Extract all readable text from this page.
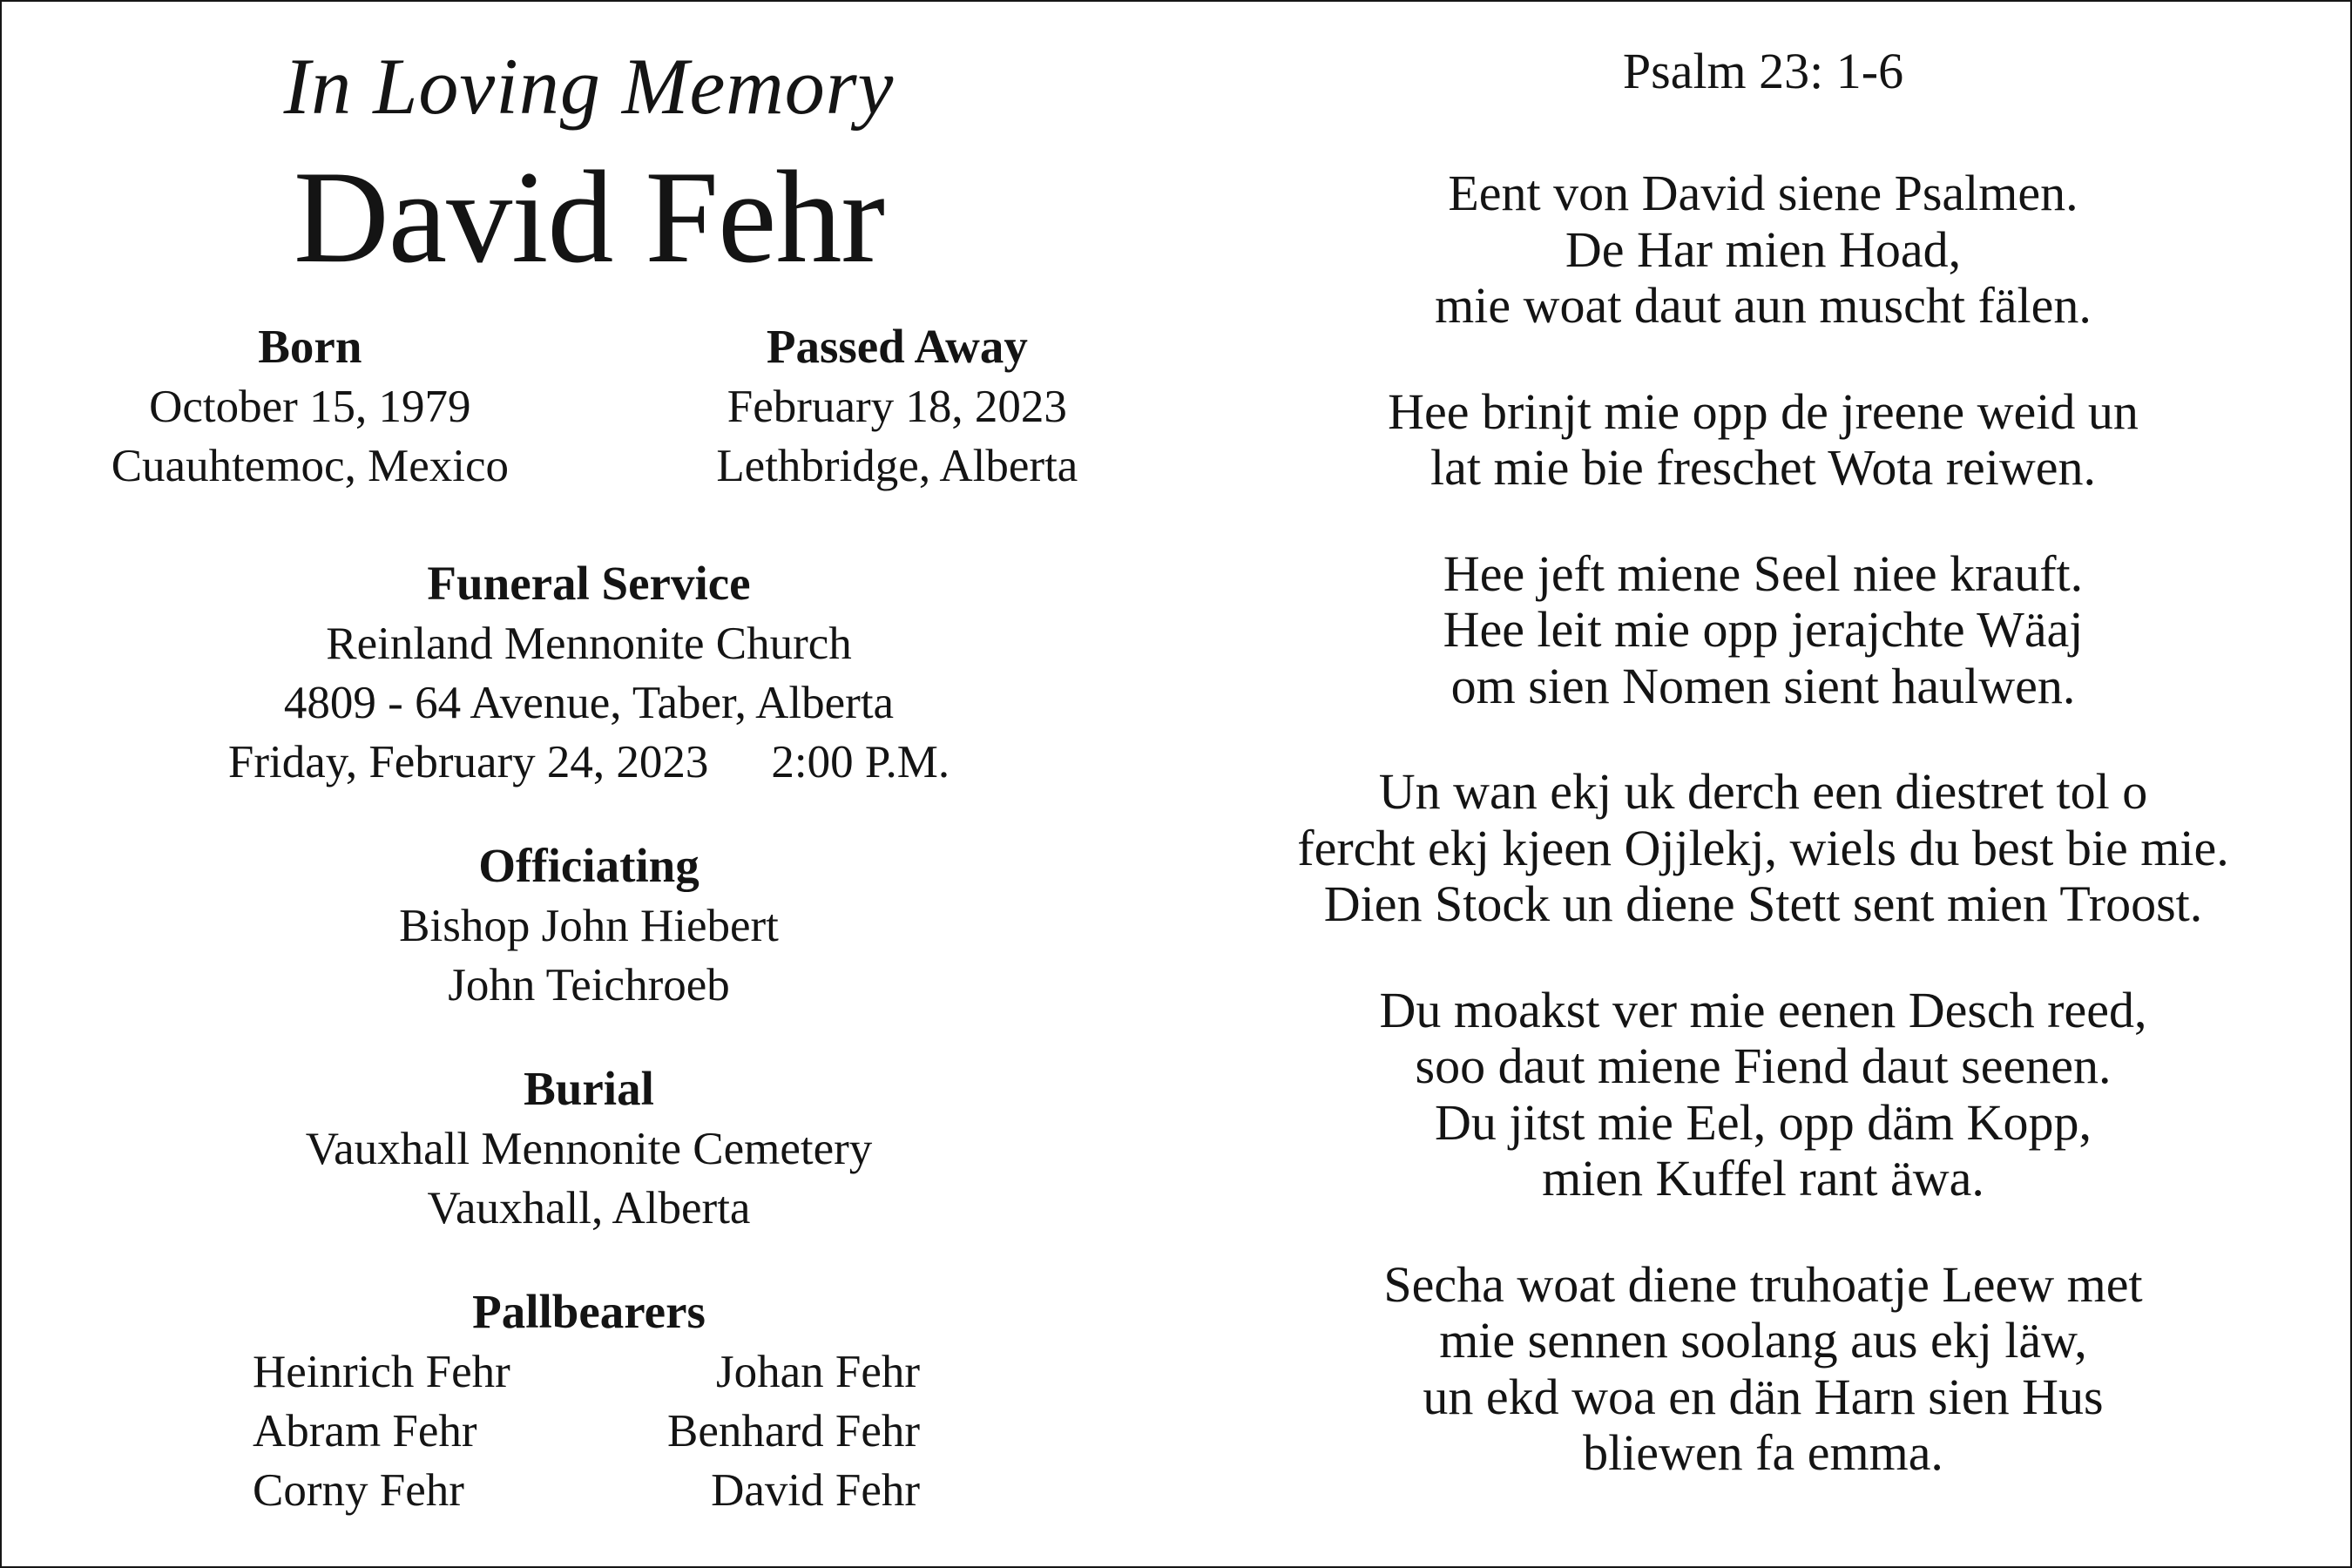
In Loving Memory
David Fehr
Born
October 15, 1979
Cuauhtemoc, Mexico
Passed Away
February 18, 2023
Lethbridge, Alberta
Funeral Service
Reinland Mennonite Church
4809 - 64 Avenue, Taber, Alberta
Friday, February 24, 2023 2:00 P.M.
Officiating
Bishop John Hiebert
John Teichroeb
Burial
Vauxhall Mennonite Cemetery
Vauxhall, Alberta
Pallbearers
Heinrich Fehr
Abram Fehr
Corny Fehr
Johan Fehr
Benhard Fehr
David Fehr
Psalm 23: 1-6
Eent von David siene Psalmen.
De Har mien Hoad,
mie woat daut aun muscht fälen.
Hee brinjt mie opp de jreene weid un
lat mie bie freschet Wota reiwen.
Hee jeft miene Seel niee krauft.
Hee leit mie opp jerajchte Wäaj
om sien Nomen sient haulwen.
Un wan ekj uk derch een diestret tol o
fercht ekj kjeen Ojjlekj, wiels du best bie mie.
Dien Stock un diene Stett sent mien Troost.
Du moakst ver mie eenen Desch reed,
soo daut miene Fiend daut seenen.
Du jitst mie Eel, opp däm Kopp,
mien Kuffel rant äwa.
Secha woat diene truhoatje Leew met
mie sennen soolang aus ekj läw,
un ekd woa en dän Harn sien Hus
bliewen fa emma.
